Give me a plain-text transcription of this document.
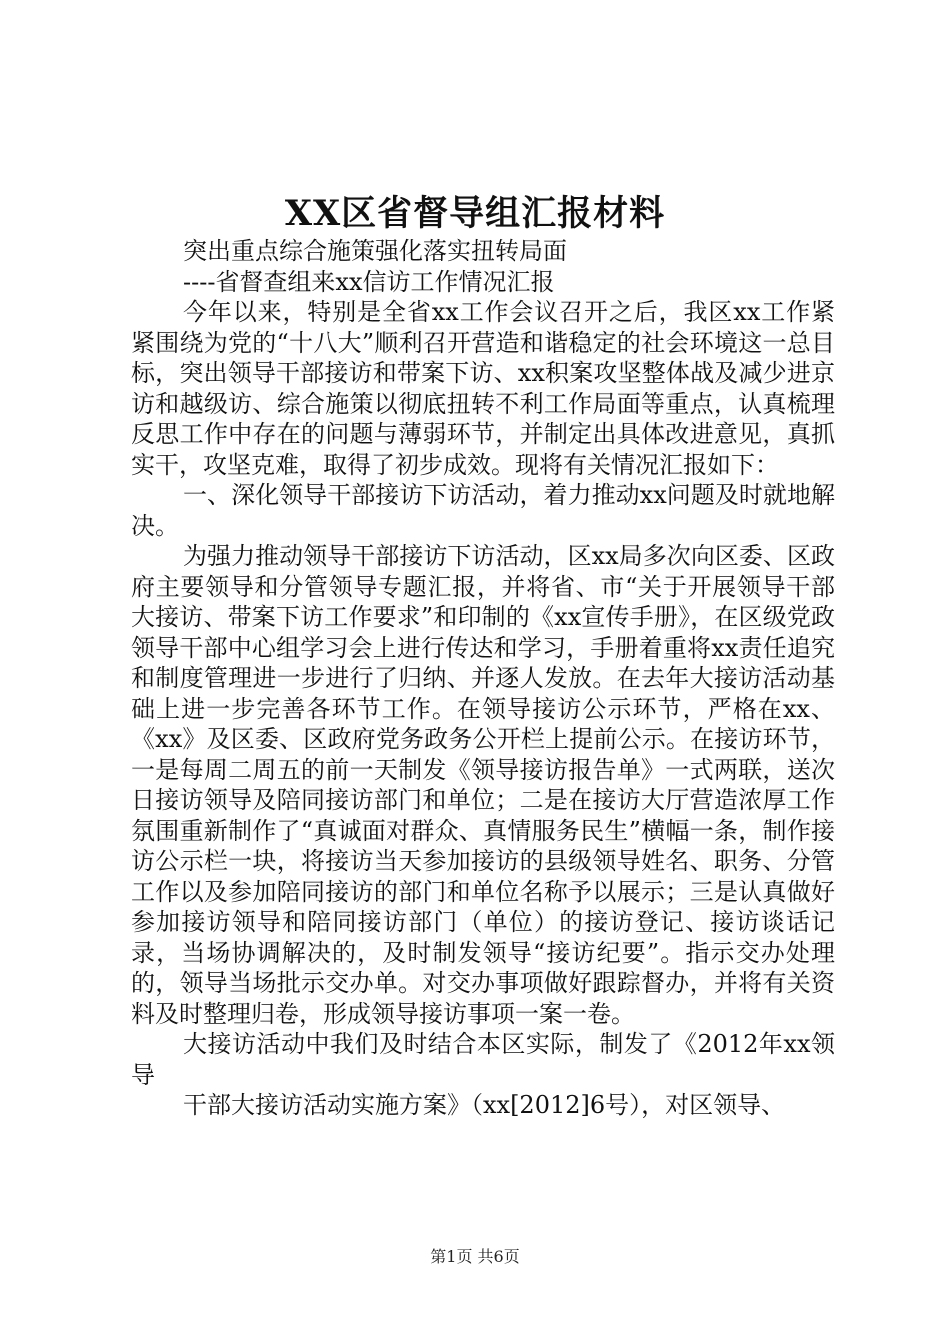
XX区省督导组汇报材料

突出重点综合施策强化落实扭转局面

----省督查组来xx信访工作情况汇报

今年以来，特别是全省xx工作会议召开之后，我区xx工作紧紧围绕为党的“十八大”顺利召开营造和谐稳定的社会环境这一总目标，突出领导干部接访和带案下访、xx积案攻坚整体战及减少进京访和越级访、综合施策以彻底扭转不利工作局面等重点，认真梳理反思工作中存在的问题与薄弱环节，并制定出具体改进意见，真抓实干，攻坚克难，取得了初步成效。现将有关情况汇报如下：

一、深化领导干部接访下访活动，着力推动xx问题及时就地解决。

为强力推动领导干部接访下访活动，区xx局多次向区委、区政府主要领导和分管领导专题汇报，并将省、市“关于开展领导干部大接访、带案下访工作要求”和印制的《xx宣传手册》，在区级党政领导干部中心组学习会上进行传达和学习，手册着重将xx责任追究和制度管理进一步进行了归纳、并逐人发放。在去年大接访活动基础上进一步完善各环节工作。在领导接访公示环节，严格在xx、《xx》及区委、区政府党务政务公开栏上提前公示。在接访环节，一是每周二周五的前一天制发《领导接访报告单》一式两联，送次日接访领导及陪同接访部门和单位；二是在接访大厅营造浓厚工作氛围重新制作了“真诚面对群众、真情服务民生”横幅一条，制作接访公示栏一块，将接访当天参加接访的县级领导姓名、职务、分管工作以及参加陪同接访的部门和单位名称予以展示；三是认真做好参加接访领导和陪同接访部门（单位）的接访登记、接访谈话记录，当场协调解决的，及时制发领导“接访纪要”。指示交办处理的，领导当场批示交办单。对交办事项做好跟踪督办，并将有关资料及时整理归卷，形成领导接访事项一案一卷。

大接访活动中我们及时结合本区实际，制发了《2012年xx领导

干部大接访活动实施方案》（xx[2012]6号），对区领导、

第1页 共6页
